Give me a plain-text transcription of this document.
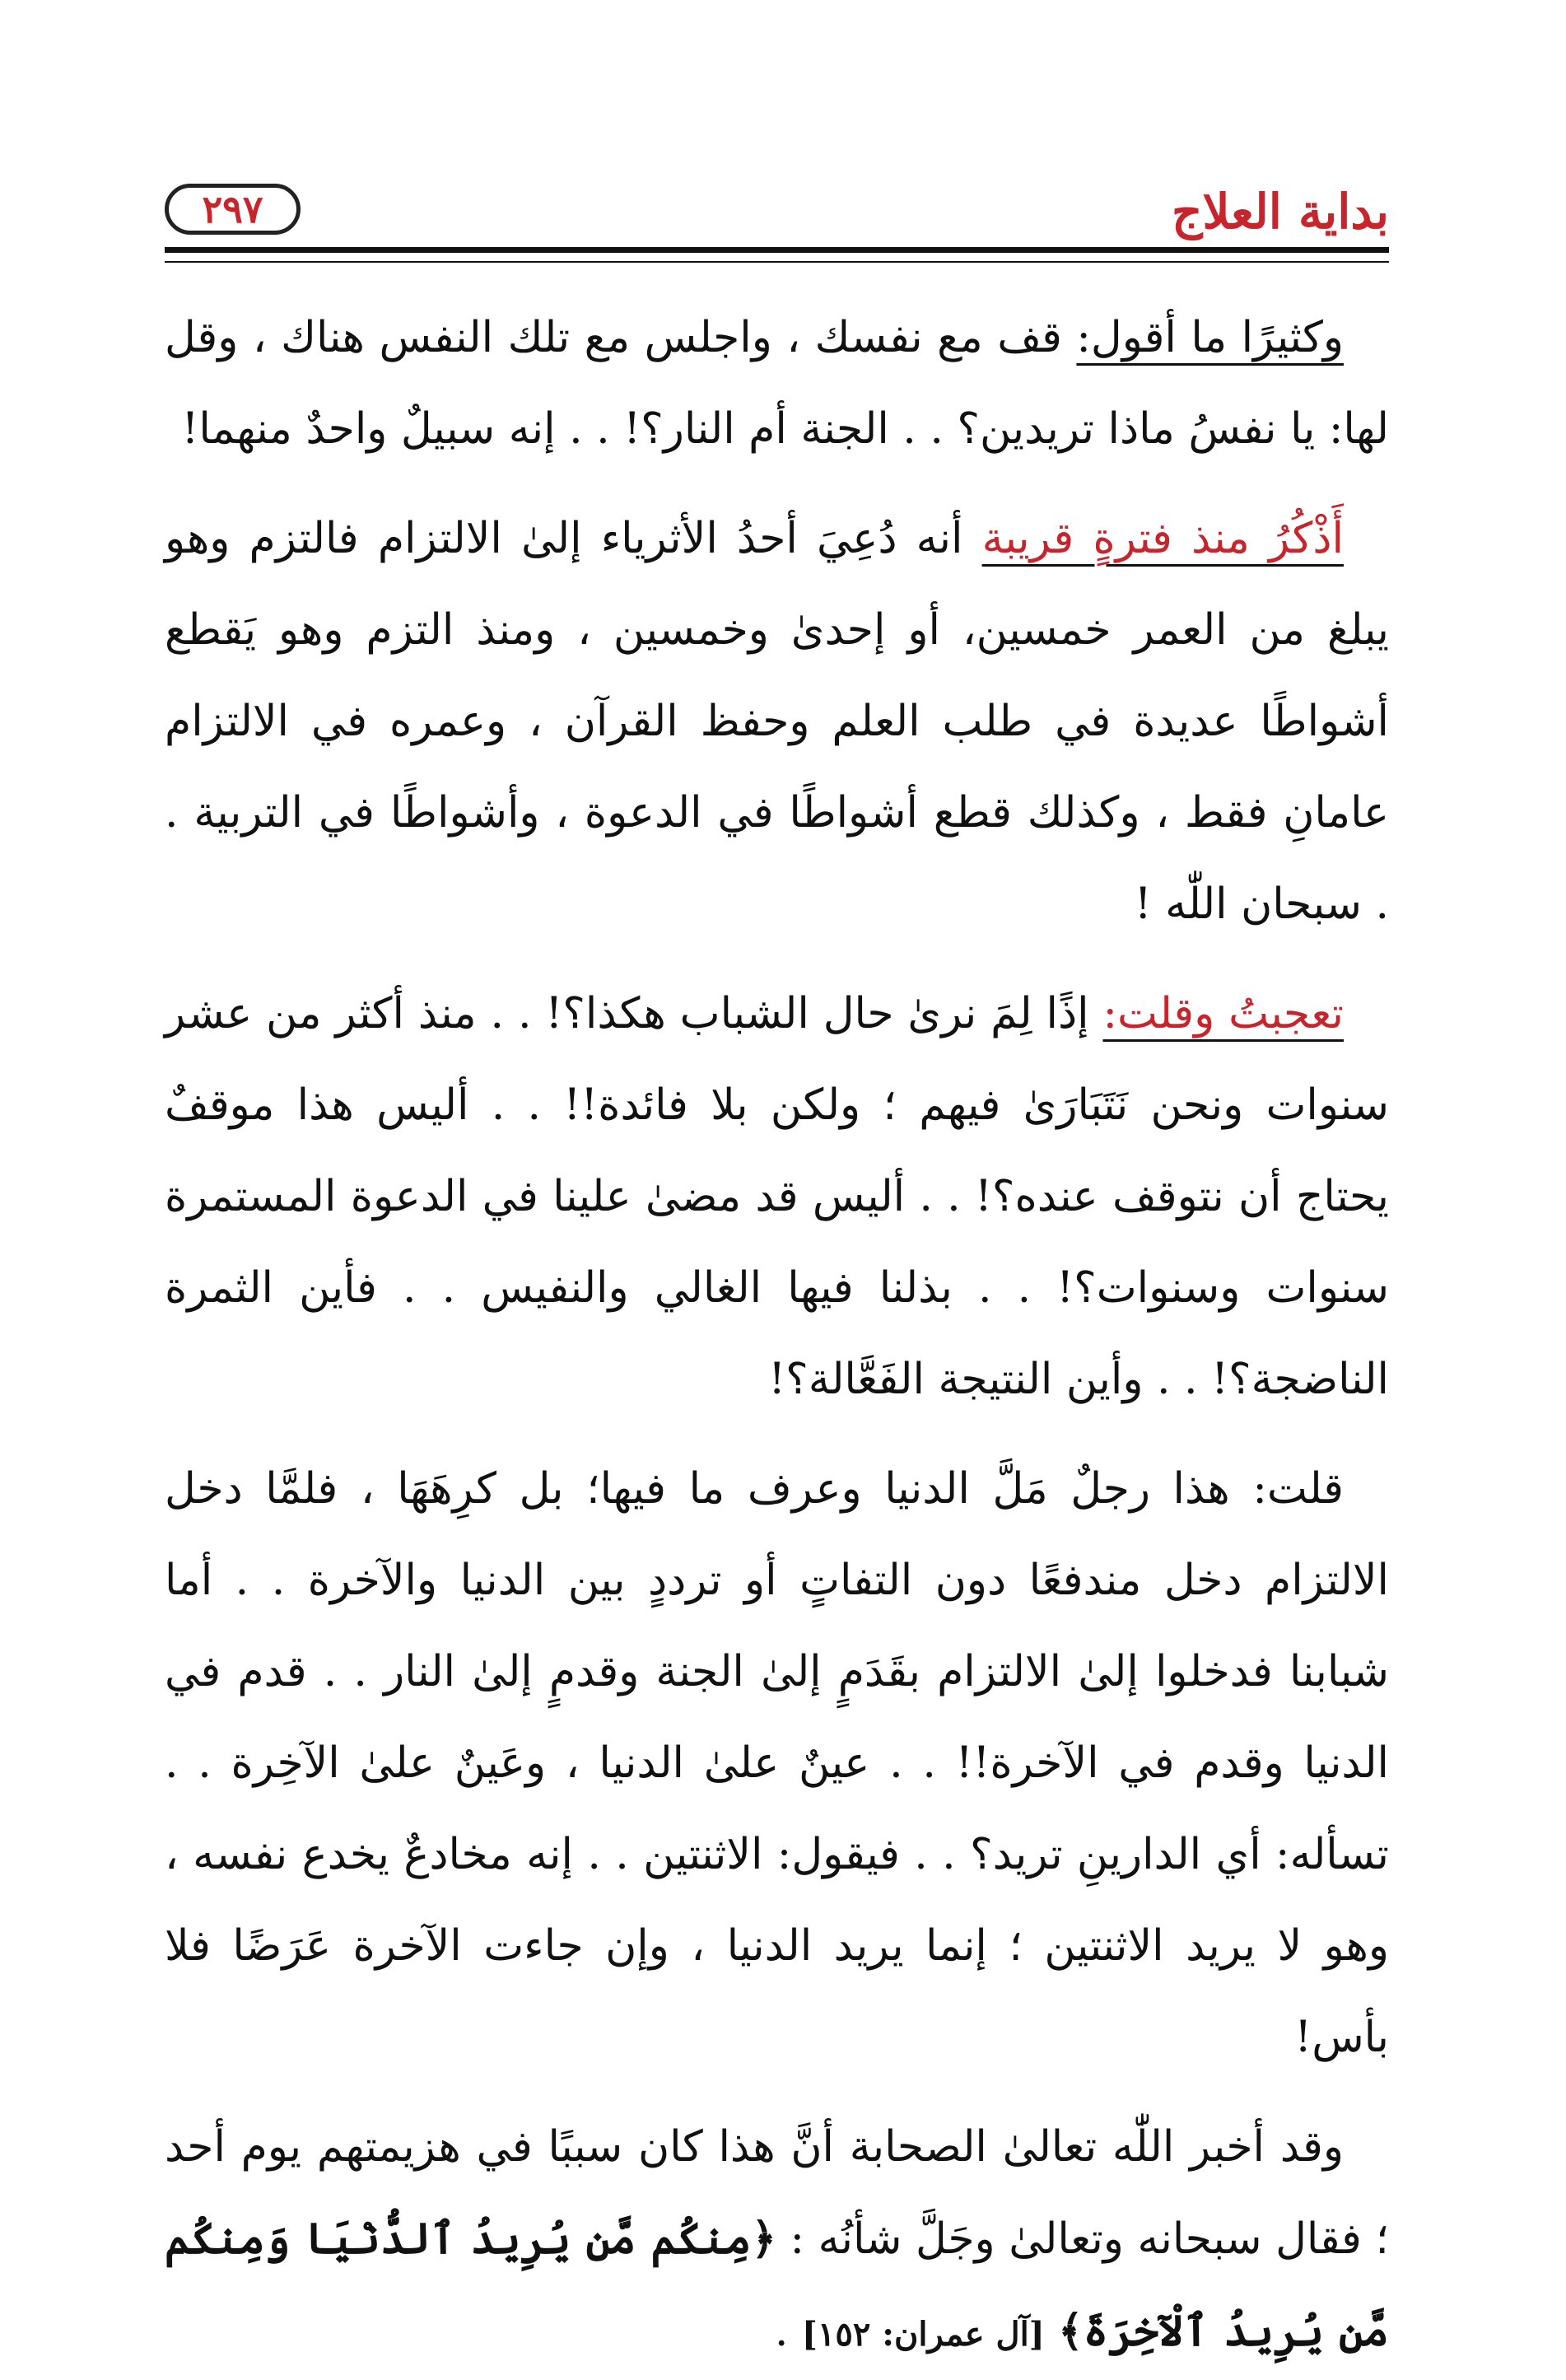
بداية العلاج
٢٩٧

وكثيرًا ما أقول: قف مع نفسك ، واجلس مع تلك النفس هناك ، وقل لها: يا نفسُ ماذا تريدين؟ . . الجنة أم النار؟! . . إنه سبيلٌ واحدٌ منهما!

أَذْكُرُ منذ فترةٍ قريبة أنه دُعِيَ أحدُ الأثرياء إلىٰ الالتزام فالتزم وهو يبلغ من العمر خمسين، أو إحدىٰ وخمسين ، ومنذ التزم وهو يَقطع أشواطًا عديدة في طلب العلم وحفظ القرآن ، وعمره في الالتزام عامانِ فقط ، وكذلك قطع أشواطًا في الدعوة ، وأشواطًا في التربية . . سبحان اللّٰه !

تعجبتُ وقلت: إذًا لِمَ نرىٰ حال الشباب هكذا؟! . . منذ أكثر من عشر سنوات ونحن نَتَبَارَىٰ فيهم ؛ ولكن بلا فائدة!! . . أليس هذا موقفٌ يحتاج أن نتوقف عنده؟! . . أليس قد مضىٰ علينا في الدعوة المستمرة سنوات وسنوات؟! . . بذلنا فيها الغالي والنفيس . . فأين الثمرة الناضجة؟! . . وأين النتيجة الفَعَّالة؟!

قلت: هذا رجلٌ مَلَّ الدنيا وعرف ما فيها؛ بل كرِهَهَا ، فلمَّا دخل الالتزام دخل مندفعًا دون التفاتٍ أو ترددٍ بين الدنيا والآخرة . . أما شبابنا فدخلوا إلىٰ الالتزام بقَدَمٍ إلىٰ الجنة وقدمٍ إلىٰ النار . . قدم في الدنيا وقدم في الآخرة!! . . عينٌ علىٰ الدنيا ، وعَينٌ علىٰ الآخِرة . . تسأله: أي الدارينِ تريد؟ . . فيقول: الاثنتين . . إنه مخادعٌ يخدع نفسه ، وهو لا يريد الاثنتين ؛ إنما يريد الدنيا ، وإن جاءت الآخرة عَرَضًا فلا بأس!

وقد أخبر اللّٰه تعالىٰ الصحابة أنَّ هذا كان سببًا في هزيمتهم يوم أحد ؛ فقال سبحانه وتعالىٰ وجَلَّ شأنُه : ﴿مِنكُم مَّن يُرِيدُ ٱلدُّنْيَا وَمِنكُم مَّن يُرِيدُ ٱلْآخِرَةَ﴾ [آل عمران: ١٥٢] .
